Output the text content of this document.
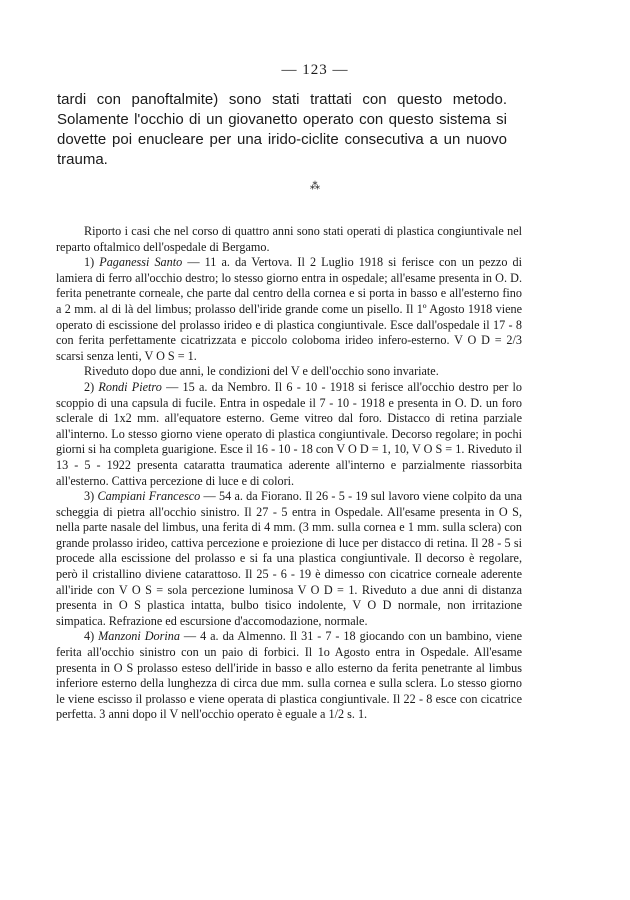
— 123 —
tardi con panoftalmite) sono stati trattati con questo metodo. Solamente l'occhio di un giovanetto operato con questo sistema si dovette poi enucleare per una irido-ciclite consecutiva a un nuovo trauma.
⁂

Riporto i casi che nel corso di quattro anni sono stati operati di plastica congiuntivale nel reparto oftalmico dell'ospedale di Bergamo.

1) Paganessi Santo — 11 a. da Vertova. Il 2 Luglio 1918 si ferisce con un pezzo di lamiera di ferro all'occhio destro; lo stesso giorno entra in ospedale; all'esame presenta in O. D. ferita penetrante corneale, che parte dal centro della cornea e si porta in basso e all'esterno fino a 2 mm. al di là del limbus; prolasso dell'iride grande come un pisello. Il 1º Agosto 1918 viene operato di escissione del prolasso irideo e di plastica congiuntivale. Esce dall'ospedale il 17 - 8 con ferita perfettamente cicatrizzata e piccolo coloboma irideo infero-esterno. V O D = 2/3 scarsi senza lenti, V O S = 1.

Riveduto dopo due anni, le condizioni del V e dell'occhio sono invariate.

2) Rondi Pietro — 15 a. da Nembro. Il 6 - 10 - 1918 si ferisce all'occhio destro per lo scoppio di una capsula di fucile. Entra in ospedale il 7 - 10 - 1918 e presenta in O. D. un foro sclerale di 1x2 mm. all'equatore esterno. Geme vitreo dal foro. Distacco di retina parziale all'interno. Lo stesso giorno viene operato di plastica congiuntivale. Decorso regolare; in pochi giorni si ha completa guarigione. Esce il 16 - 10 - 18 con V O D = 1, 10, V O S = 1. Riveduto il 13 - 5 - 1922 presenta cataratta traumatica aderente all'interno e parzialmente riassorbita all'esterno. Cattiva percezione di luce e di colori.

3) Campiani Francesco — 54 a. da Fiorano. Il 26 - 5 - 19 sul lavoro viene colpito da una scheggia di pietra all'occhio sinistro. Il 27 - 5 entra in Ospedale. All'esame presenta in O S, nella parte nasale del limbus, una ferita di 4 mm. (3 mm. sulla cornea e 1 mm. sulla sclera) con grande prolasso irideo, cattiva percezione e proiezione di luce per distacco di retina. Il 28 - 5 si procede alla escissione del prolasso e si fa una plastica congiuntivale. Il decorso è regolare, però il cristallino diviene catarattoso. Il 25 - 6 - 19 è dimesso con cicatrice corneale aderente all'iride con V O S = sola percezione luminosa V O D = 1. Riveduto a due anni di distanza presenta in O S plastica intatta, bulbo tisico indolente, V O D normale, non irritazione simpatica. Refrazione ed escursione d'accomodazione, normale.

4) Manzoni Dorina — 4 a. da Almenno. Il 31 - 7 - 18 giocando con un bambino, viene ferita all'occhio sinistro con un paio di forbici. Il 1o Agosto entra in Ospedale. All'esame presenta in O S prolasso esteso dell'iride in basso e allo esterno da ferita penetrante al limbus inferiore esterno della lunghezza di circa due mm. sulla cornea e sulla sclera. Lo stesso giorno le viene escisso il prolasso e viene operata di plastica congiuntivale. Il 22 - 8 esce con cicatrice perfetta. 3 anni dopo il V nell'occhio operato è eguale a 1/2 s. 1.
